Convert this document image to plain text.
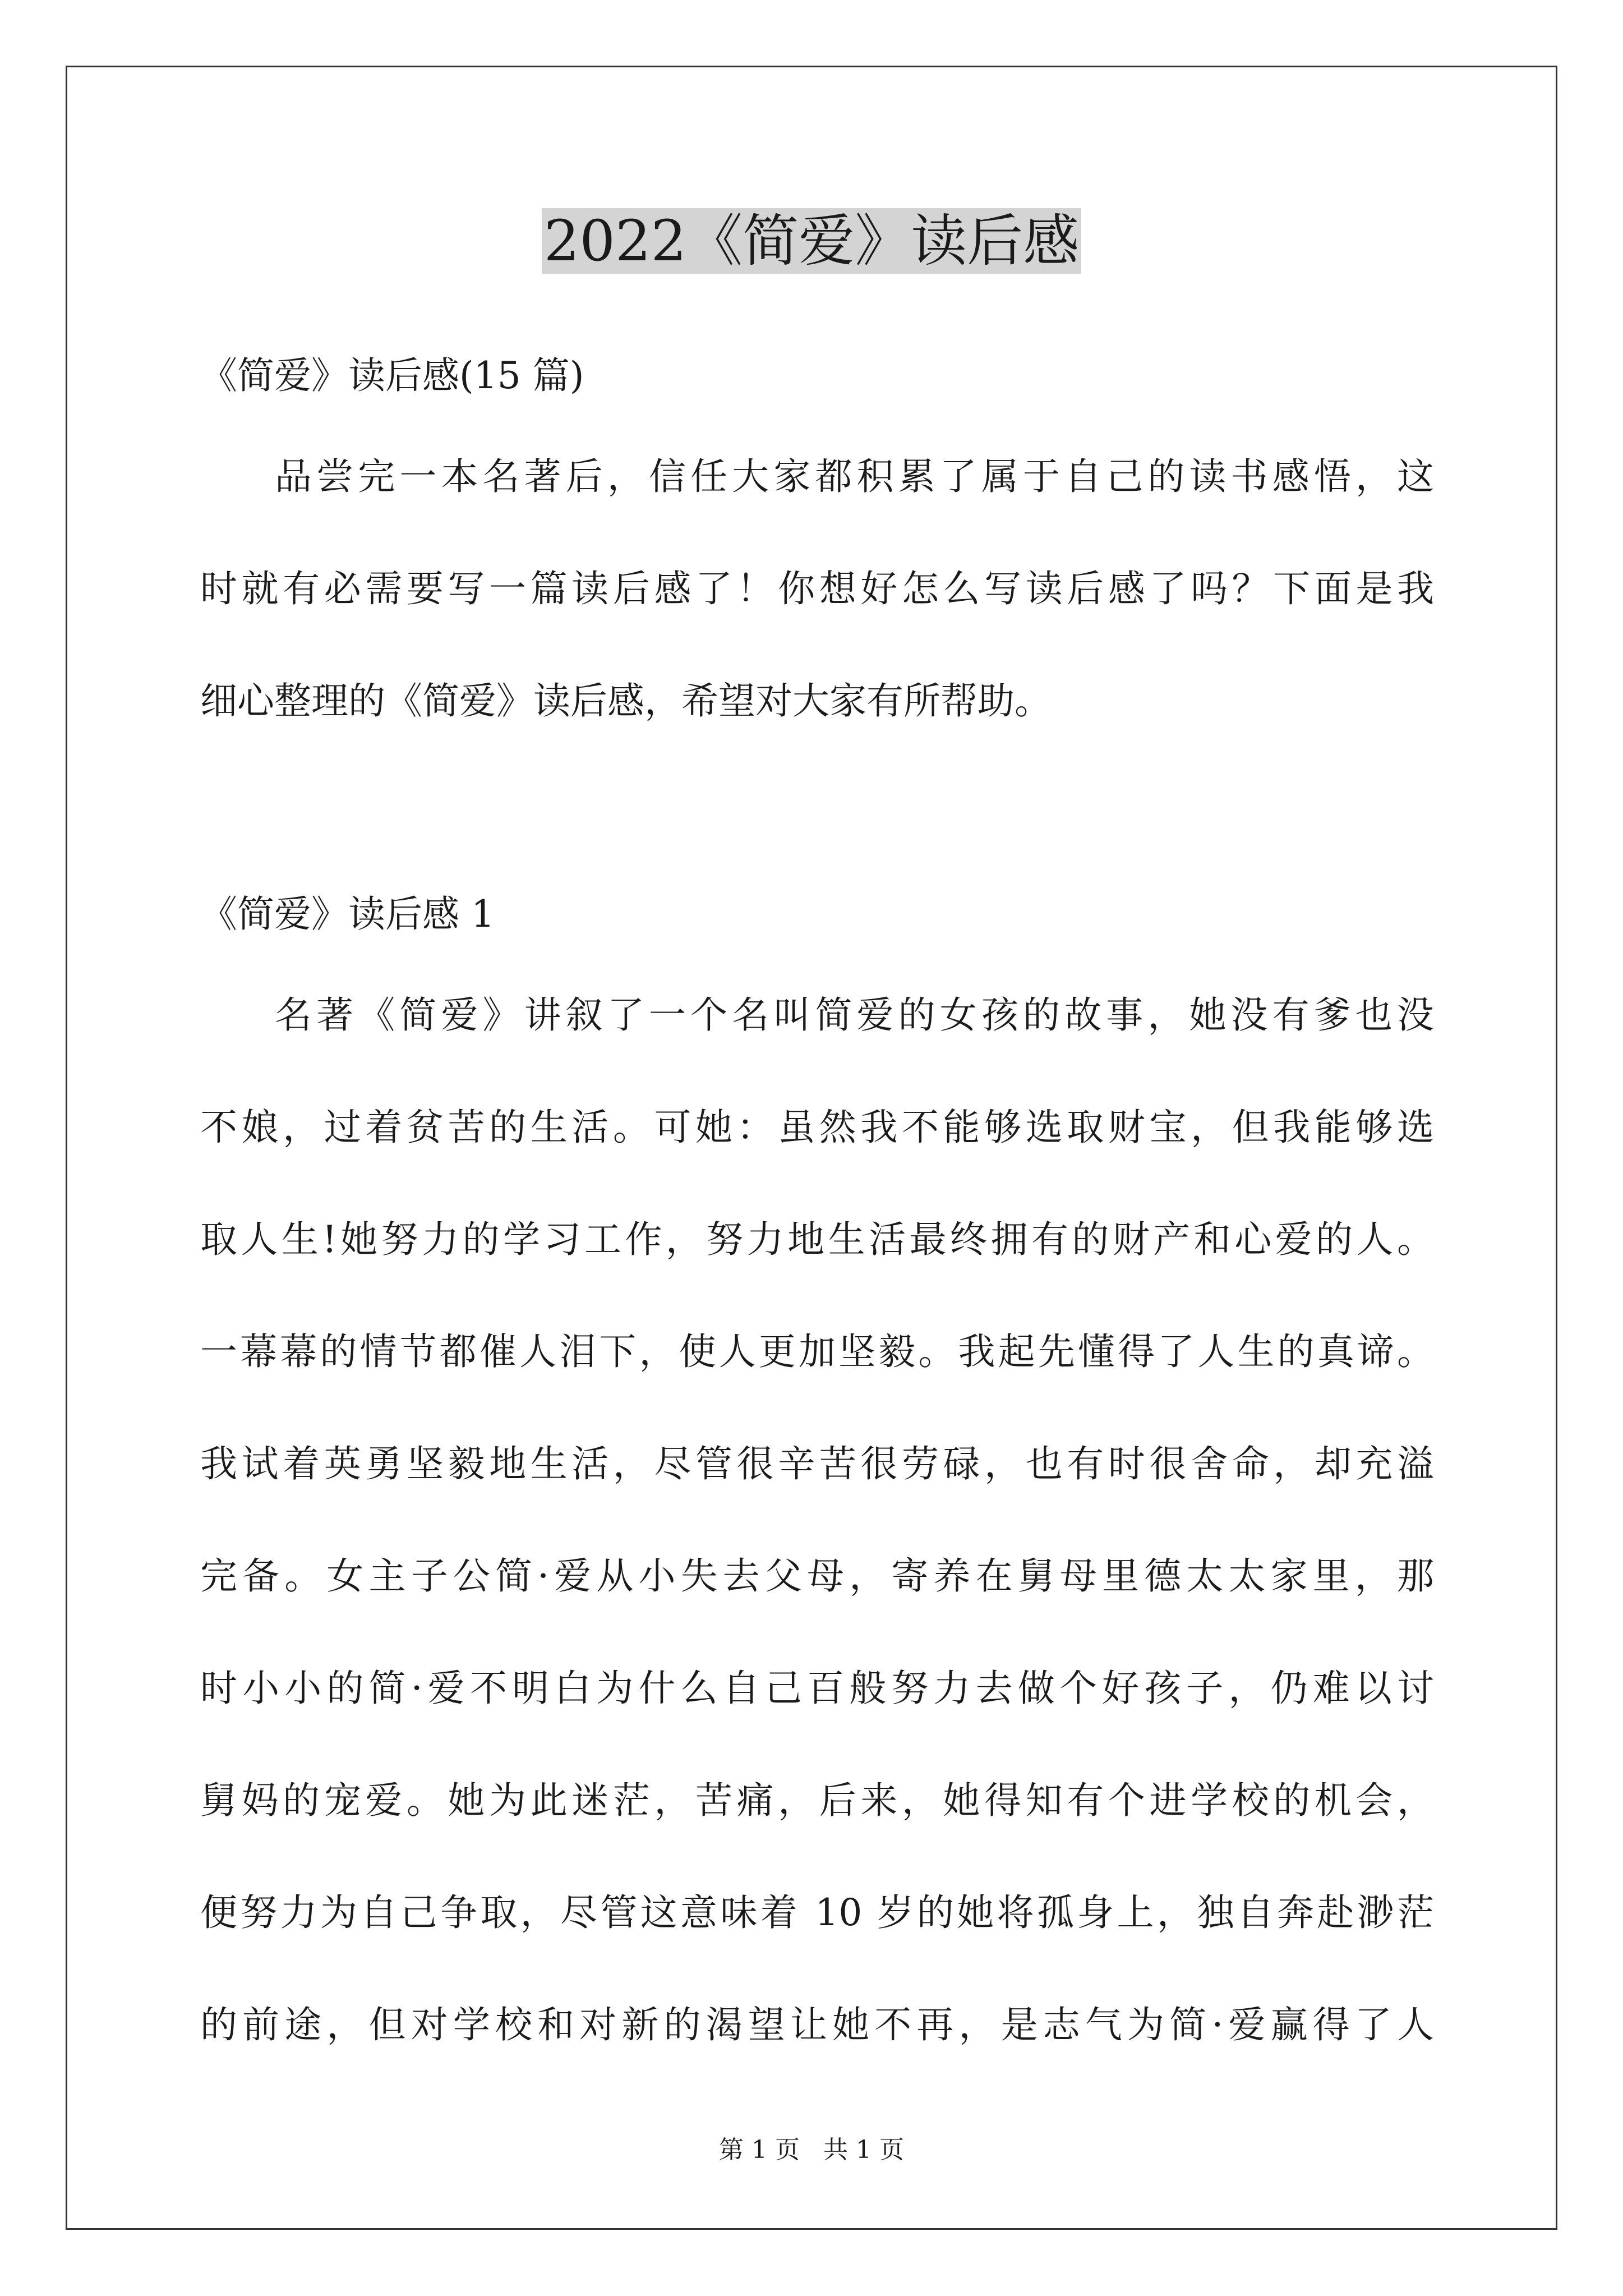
2022《简爱》读后感
《简爱》读后感(15 篇)
品尝完一本名著后，信任大家都积累了属于自己的读书感悟，这
时就有必需要写一篇读后感了！你想好怎么写读后感了吗？下面是我
细心整理的《简爱》读后感，希望对大家有所帮助。
《简爱》读后感 1
名著《简爱》讲叙了一个名叫简爱的女孩的故事，她没有爹也没
不娘，过着贫苦的生活。可她：虽然我不能够选取财宝，但我能够选
取人生!她努力的学习工作，努力地生活最终拥有的财产和心爱的人。
一幕幕的情节都催人泪下，使人更加坚毅。我起先懂得了人生的真谛。
我试着英勇坚毅地生活，尽管很辛苦很劳碌，也有时很舍命，却充溢
完备。女主子公简·爱从小失去父母，寄养在舅母里德太太家里，那
时小小的简·爱不明白为什么自己百般努力去做个好孩子，仍难以讨
舅妈的宠爱。她为此迷茫，苦痛，后来，她得知有个进学校的机会，
便努力为自己争取，尽管这意味着 10 岁的她将孤身上，独自奔赴渺茫
的前途，但对学校和对新的渴望让她不再，是志气为简·爱赢得了人
第 1 页   共 1 页
